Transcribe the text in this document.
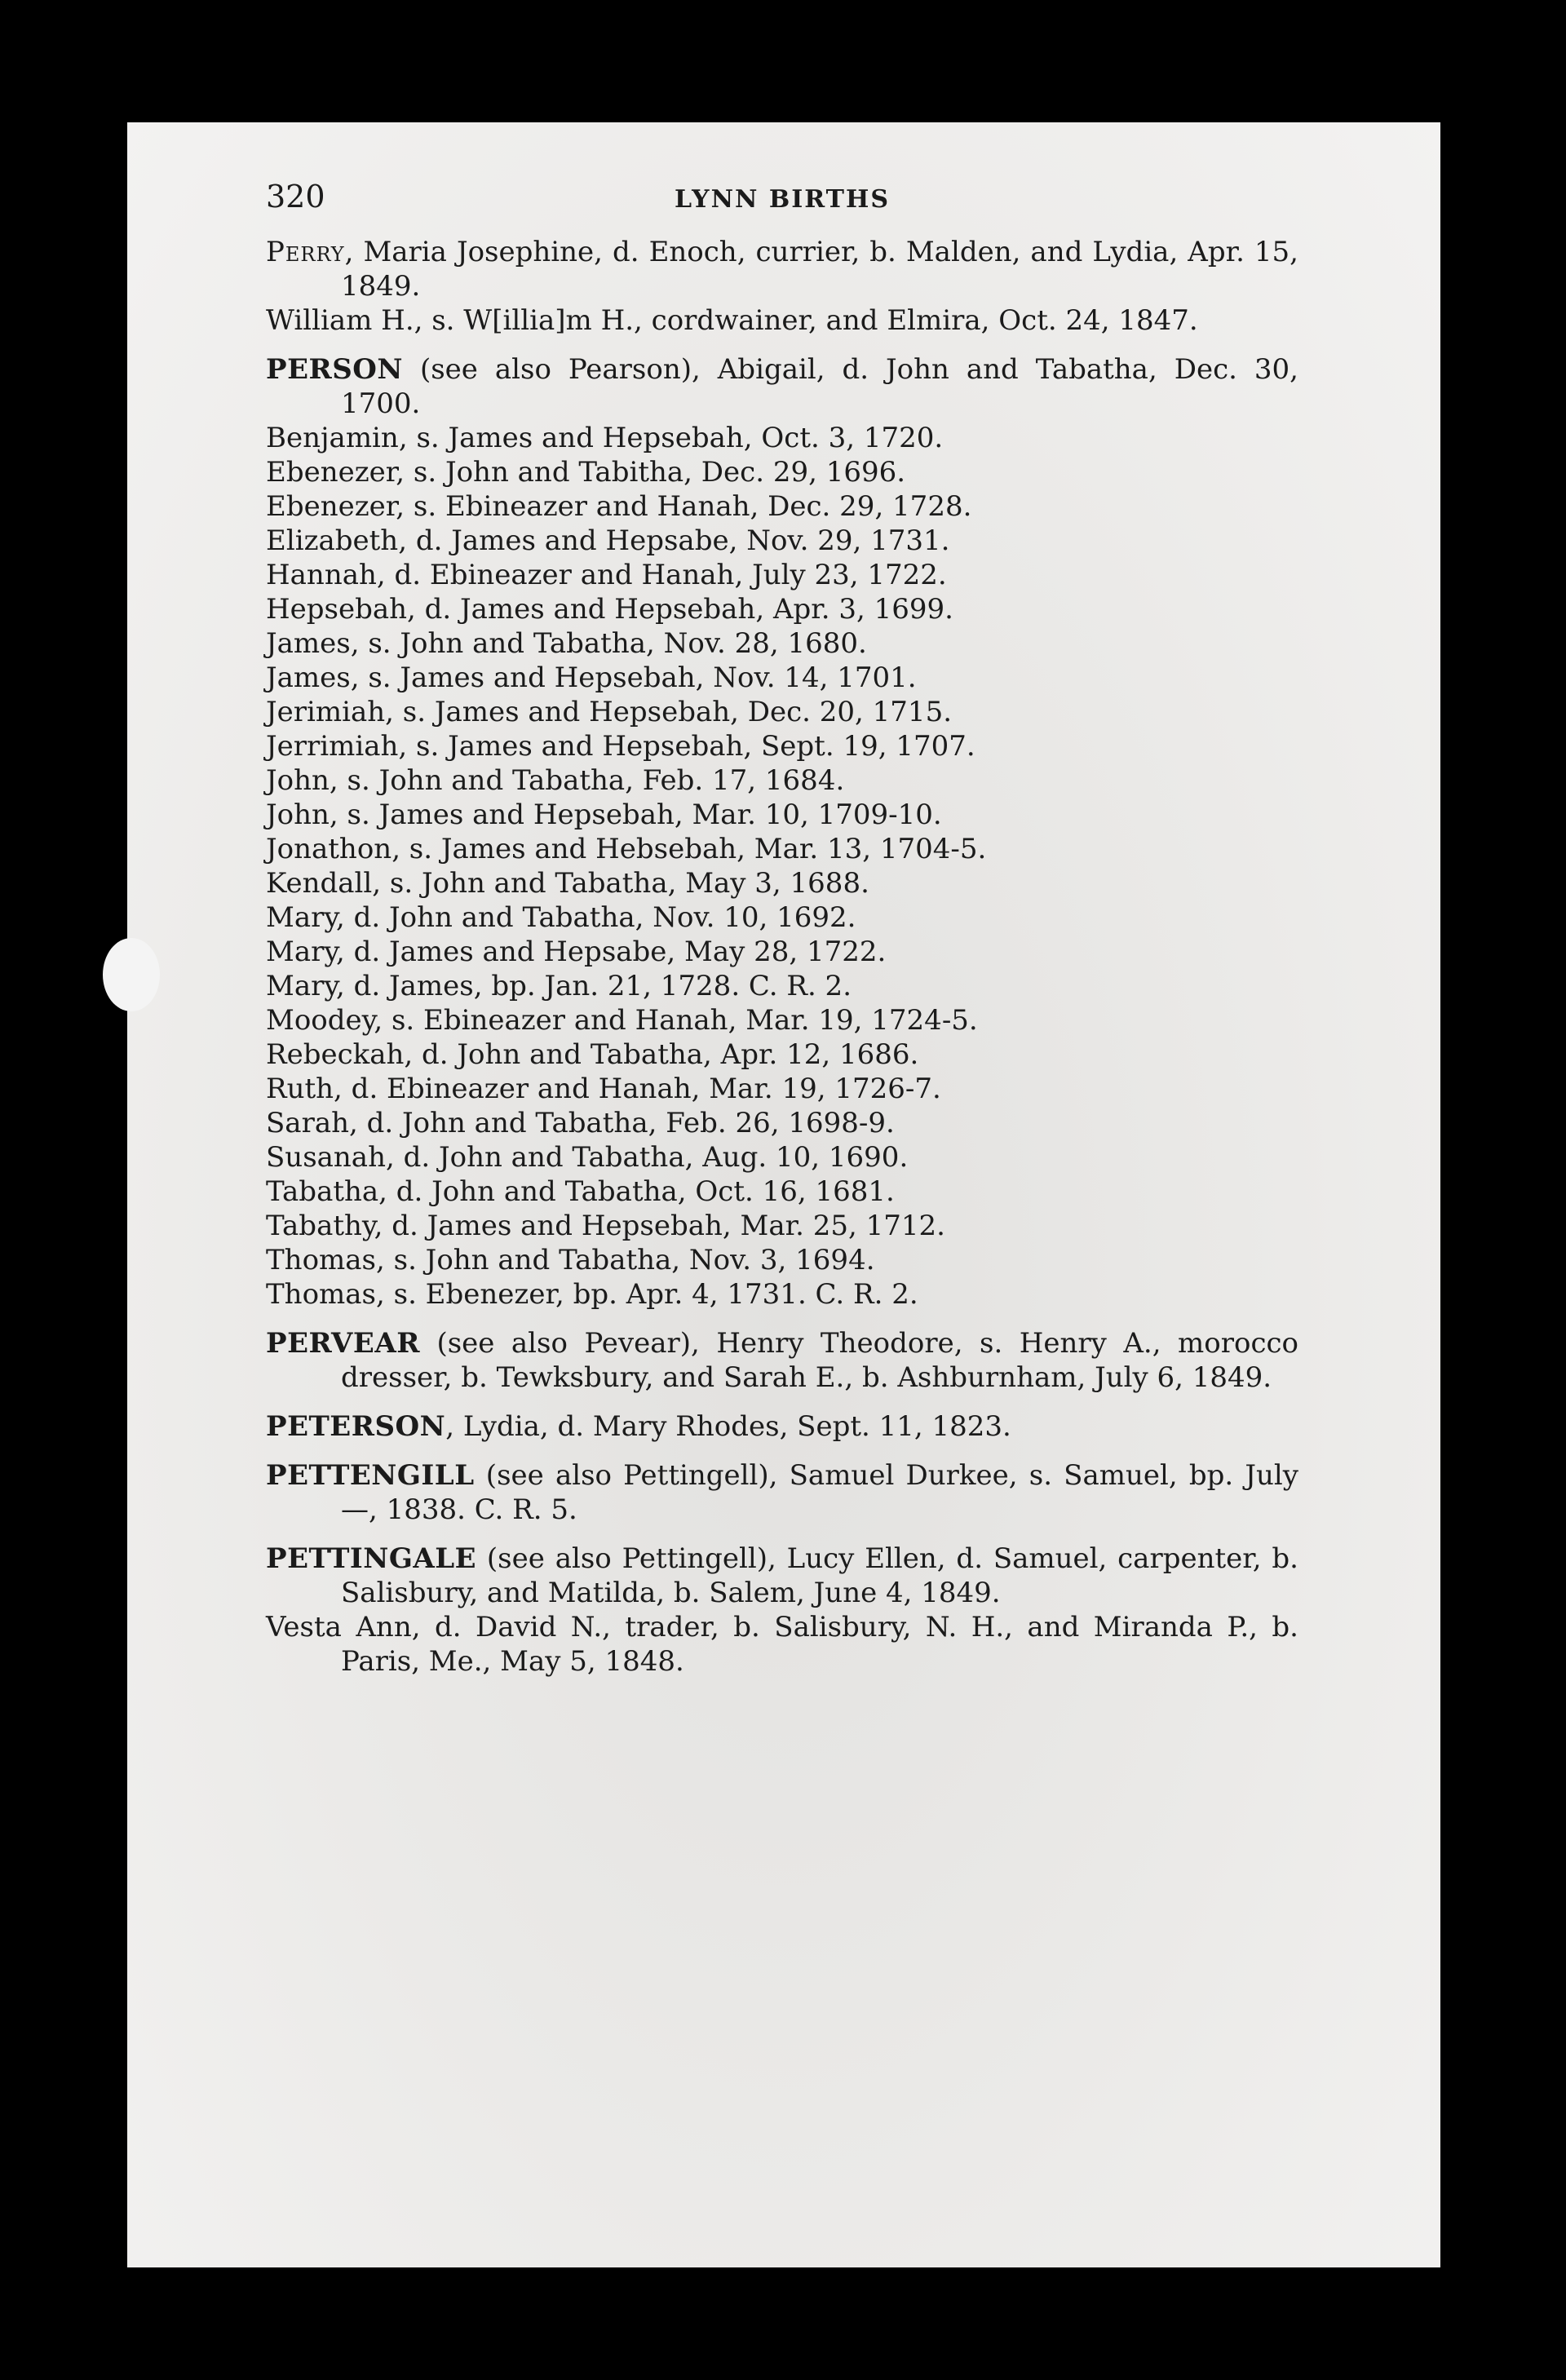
320	LYNN BIRTHS
Perry, Maria Josephine, d. Enoch, currier, b. Malden, and Lydia, Apr. 15, 1849.
William H., s. W[illia]m H., cordwainer, and Elmira, Oct. 24, 1847.
PERSON (see also Pearson), Abigail, d. John and Tabatha, Dec. 30, 1700.
Benjamin, s. James and Hepsebah, Oct. 3, 1720.
Ebenezer, s. John and Tabitha, Dec. 29, 1696.
Ebenezer, s. Ebineazer and Hanah, Dec. 29, 1728.
Elizabeth, d. James and Hepsabe, Nov. 29, 1731.
Hannah, d. Ebineazer and Hanah, July 23, 1722.
Hepsebah, d. James and Hepsebah, Apr. 3, 1699.
James, s. John and Tabatha, Nov. 28, 1680.
James, s. James and Hepsebah, Nov. 14, 1701.
Jerimiah, s. James and Hepsebah, Dec. 20, 1715.
Jerrimiah, s. James and Hepsebah, Sept. 19, 1707.
John, s. John and Tabatha, Feb. 17, 1684.
John, s. James and Hepsebah, Mar. 10, 1709-10.
Jonathon, s. James and Hebsebah, Mar. 13, 1704-5.
Kendall, s. John and Tabatha, May 3, 1688.
Mary, d. John and Tabatha, Nov. 10, 1692.
Mary, d. James and Hepsabe, May 28, 1722.
Mary, d. James, bp. Jan. 21, 1728. C. R. 2.
Moodey, s. Ebineazer and Hanah, Mar. 19, 1724-5.
Rebeckah, d. John and Tabatha, Apr. 12, 1686.
Ruth, d. Ebineazer and Hanah, Mar. 19, 1726-7.
Sarah, d. John and Tabatha, Feb. 26, 1698-9.
Susanah, d. John and Tabatha, Aug. 10, 1690.
Tabatha, d. John and Tabatha, Oct. 16, 1681.
Tabathy, d. James and Hepsebah, Mar. 25, 1712.
Thomas, s. John and Tabatha, Nov. 3, 1694.
Thomas, s. Ebenezer, bp. Apr. 4, 1731. C. R. 2.
PERVEAR (see also Pevear), Henry Theodore, s. Henry A., morocco dresser, b. Tewksbury, and Sarah E., b. Ashburnham, July 6, 1849.
PETERSON, Lydia, d. Mary Rhodes, Sept. 11, 1823.
PETTENGILL (see also Pettingell), Samuel Durkee, s. Samuel, bp. July —, 1838. C. R. 5.
PETTINGALE (see also Pettingell), Lucy Ellen, d. Samuel, carpenter, b. Salisbury, and Matilda, b. Salem, June 4, 1849.
Vesta Ann, d. David N., trader, b. Salisbury, N. H., and Miranda P., b. Paris, Me., May 5, 1848.
